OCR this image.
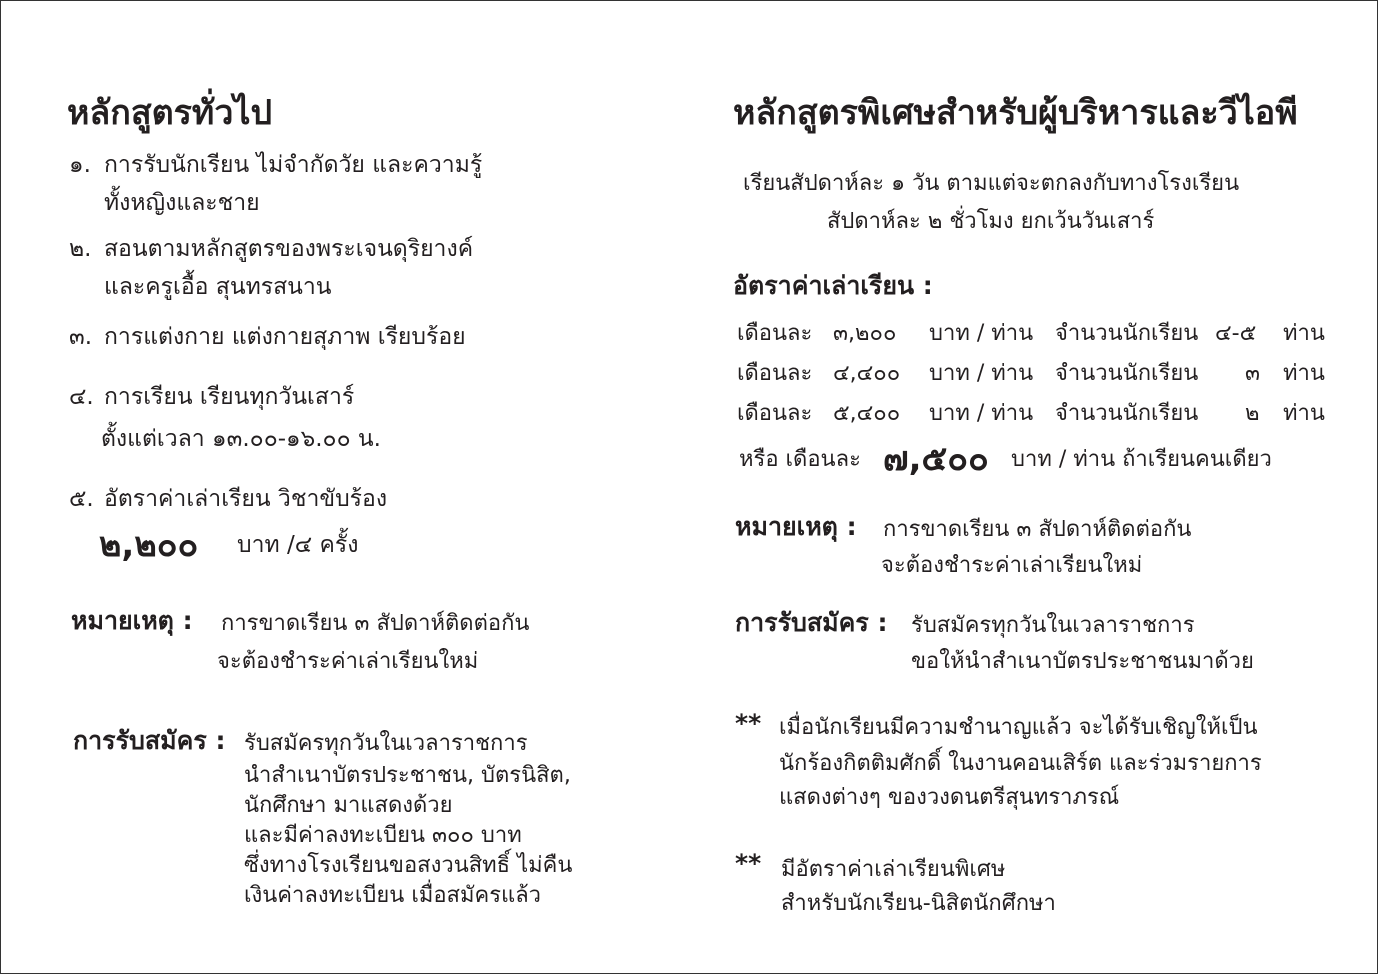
หลักสูตรทั่วไป
๑. การรับนักเรียน ไม่จำกัดวัย และความรู้
ทั้งหญิงและชาย
๒. สอนตามหลักสูตรของพระเจนดุริยางค์
และครูเอื้อ สุนทรสนาน
๓. การแต่งกาย แต่งกายสุภาพ เรียบร้อย
๔. การเรียน เรียนทุกวันเสาร์
ตั้งแต่เวลา ๑๓.๐๐-๑๖.๐๐ น.
๕. อัตราค่าเล่าเรียน วิชาขับร้อง
๒,๒๐๐ บาท /๔ ครั้ง
หมายเหตุ : การขาดเรียน ๓ สัปดาห์ติดต่อกัน
จะต้องชำระค่าเล่าเรียนใหม่
การรับสมัคร : รับสมัครทุกวันในเวลาราชการ
นำสำเนาบัตรประชาชน, บัตรนิสิต,
นักศึกษา มาแสดงด้วย
และมีค่าลงทะเบียน ๓๐๐ บาท
ซึ่งทางโรงเรียนขอสงวนสิทธิ์ ไม่คืน
เงินค่าลงทะเบียน เมื่อสมัครแล้ว
หลักสูตรพิเศษสำหรับผู้บริหารและวีไอพี
เรียนสัปดาห์ละ ๑ วัน ตามแต่จะตกลงกับทางโรงเรียน
สัปดาห์ละ ๒ ชั่วโมง ยกเว้นวันเสาร์
อัตราค่าเล่าเรียน :
เดือนละ ๓,๒๐๐ บาท / ท่าน จำนวนนักเรียน ๔-๕ ท่าน
เดือนละ ๔,๔๐๐ บาท / ท่าน จำนวนนักเรียน ๓ ท่าน
เดือนละ ๕,๔๐๐ บาท / ท่าน จำนวนนักเรียน ๒ ท่าน
หรือ เดือนละ ๗,๕๐๐ บาท / ท่าน ถ้าเรียนคนเดียว
หมายเหตุ : การขาดเรียน ๓ สัปดาห์ติดต่อกัน
จะต้องชำระค่าเล่าเรียนใหม่
การรับสมัคร : รับสมัครทุกวันในเวลาราชการ
ขอให้นำสำเนาบัตรประชาชนมาด้วย
** เมื่อนักเรียนมีความชำนาญแล้ว จะได้รับเชิญให้เป็น
นักร้องกิตติมศักดิ์ ในงานคอนเสิร์ต และร่วมรายการ
แสดงต่างๆ ของวงดนตรีสุนทราภรณ์
** มีอัตราค่าเล่าเรียนพิเศษ
สำหรับนักเรียน-นิสิตนักศึกษา
